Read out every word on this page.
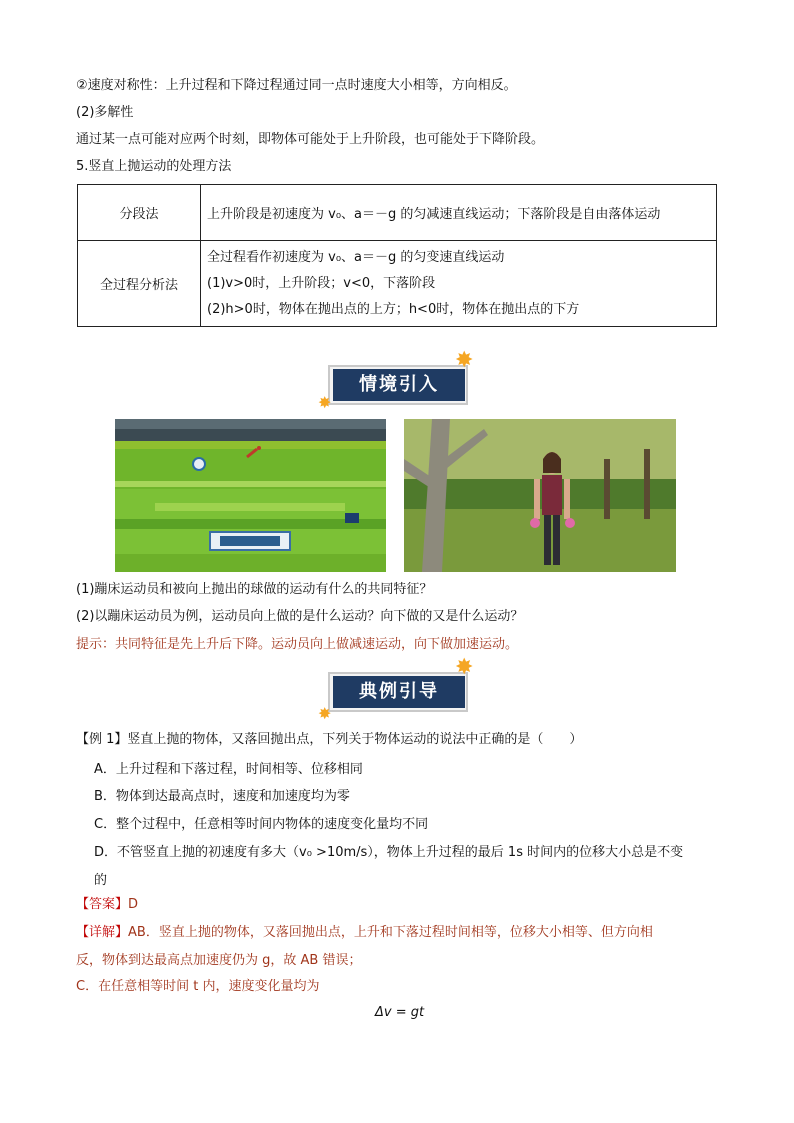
②速度对称性：上升过程和下降过程通过同一点时速度大小相等，方向相反。
(2)多解性
通过某一点可能对应两个时刻，即物体可能处于上升阶段，也可能处于下降阶段。
5.竖直上抛运动的处理方法
分段法	上升阶段是初速度为 v₀、a＝－g 的匀减速直线运动；下落阶段是自由落体运动
全过程分析法	全过程看作初速度为 v₀、a＝－g 的匀变速直线运动
(1)v>0时，上升阶段；v<0，下落阶段
(2)h>0时，物体在抛出点的上方；h<0时，物体在抛出点的下方
情境引入
✸
✸
(1)蹦床运动员和被向上抛出的球做的运动有什么的共同特征？
(2)以蹦床运动员为例，运动员向上做的是什么运动？向下做的又是什么运动？
提示：共同特征是先上升后下降。运动员向上做减速运动，向下做加速运动。
典例引导
✸
✸
【例 1】竖直上抛的物体，又落回抛出点，下列关于物体运动的说法中正确的是（　　）
A．上升过程和下落过程，时间相等、位移相同
B．物体到达最高点时，速度和加速度均为零
C．整个过程中，任意相等时间内物体的速度变化量均不同
D．不管竖直上抛的初速度有多大（v₀ >10m/s），物体上升过程的最后 1s 时间内的位移大小总是不变
的
【答案】D
【详解】AB．竖直上抛的物体，又落回抛出点，上升和下落过程时间相等，位移大小相等、但方向相
反，物体到达最高点加速度仍为 g，故 AB 错误；
C．在任意相等时间 t 内，速度变化量均为
Δv = gt
